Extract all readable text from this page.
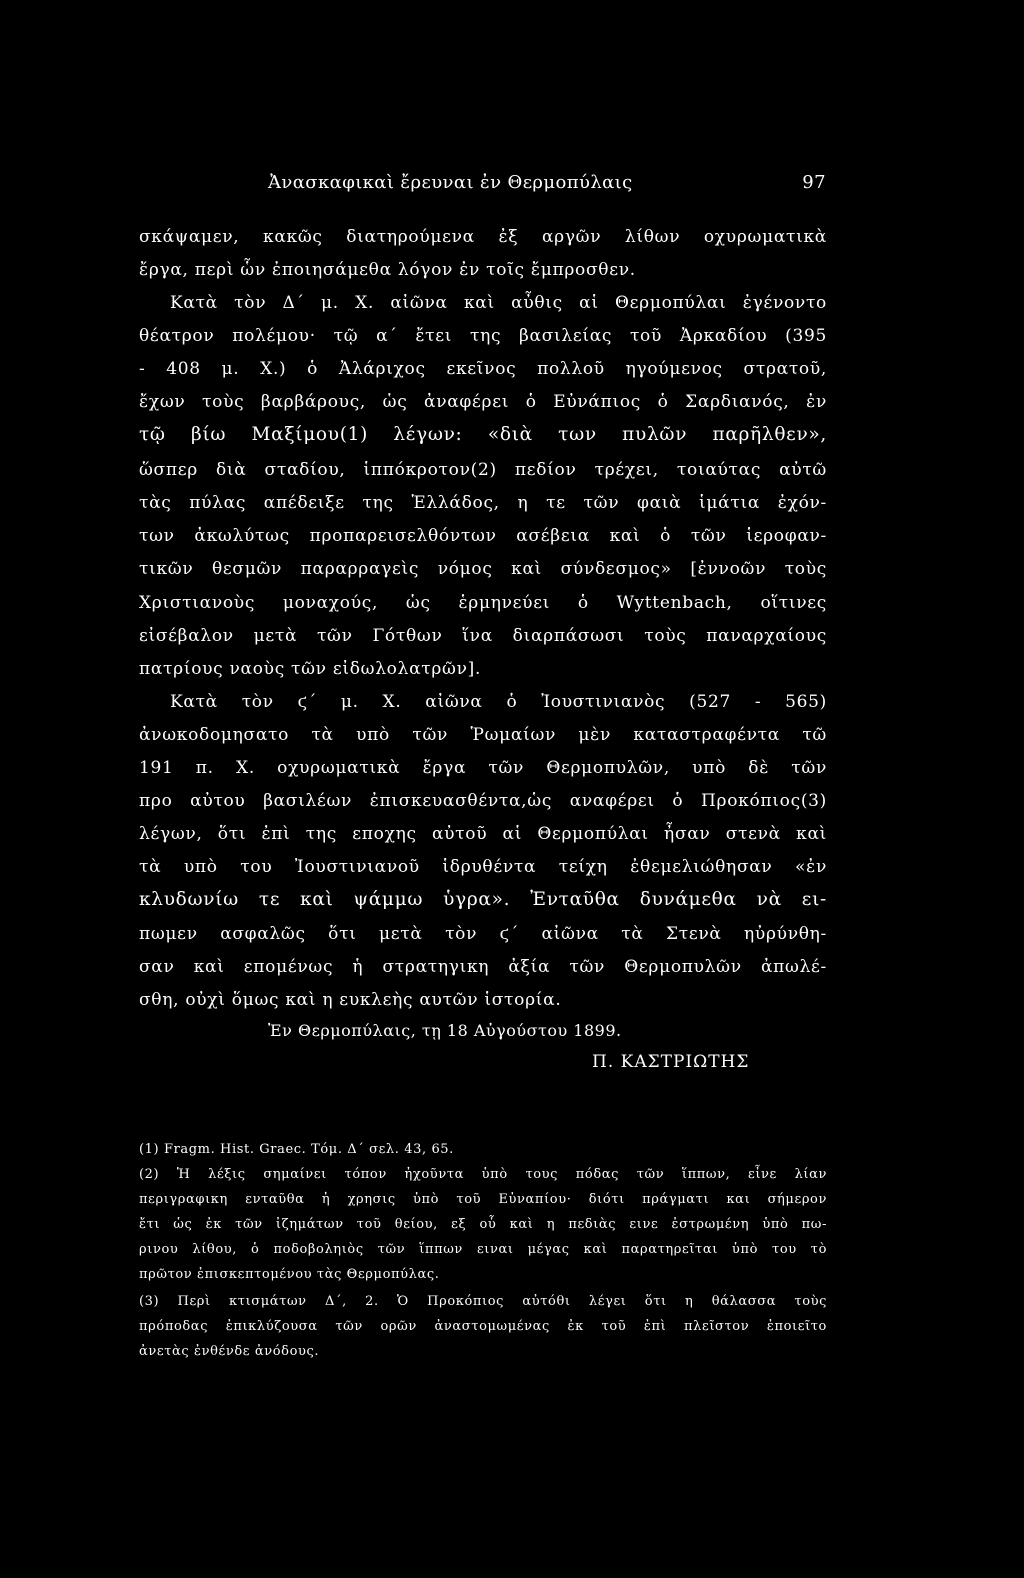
Ἀνασκαφικαὶ ἔρευναι ἐν Θερμοπύλαις	97
σκάψαμεν, κακῶς διατηρούμενα ἐξ αργῶν λίθων οχυρωματικὰ
ἔργα, περὶ ὧν ἐποιησάμεθα λόγον ἐν τοῖς ἔμπροσθεν.
Κατὰ τὸν Δ΄ μ. Χ. αἰῶνα καὶ αὖθις αἱ Θερμοπύλαι ἐγένοντο
θέατρον πολέμου· τῷ α΄ ἔτει της βασιλείας τοῦ Ἀρκαδίου (395
- 408 μ. Χ.) ὁ Ἀλάριχος εκεῖνος πολλοῦ ηγούμενος στρατοῦ,
ἔχων τοὺς βαρβάρους, ὡς ἀναφέρει ὁ Εὐνάπιος ὁ Σαρδιανός, ἐν
τῷ βίω Μαξίμου(1) λέγων: «διὰ των πυλῶν παρῆλθεν»,
ὥσπερ διὰ σταδίου, ἱππόκροτον(2) πεδίον τρέχει, τοιαύτας αὐτῶ
τὰς πύλας απέδειξε της Ἑλλάδος, η τε τῶν φαιὰ ἱμάτια ἐχόν-
των ἀκωλύτως προπαρεισελθόντων ασέβεια καὶ ὁ τῶν ἱεροφαν-
τικῶν θεσμῶν παραρραγεὶς νόμος καὶ σύνδεσμος» [ἐννοῶν τοὺς
Χριστιανοὺς μοναχούς, ὡς ἑρμηνεύει ὁ Wyttenbach, οἵτινες
εἰσέβαλον μετὰ τῶν Γότθων ἵνα διαρπάσωσι τοὺς παναρχαίους
πατρίους ναοὺς τῶν εἰδωλολατρῶν].
Κατὰ τὸν ϛ΄ μ. Χ. αἰῶνα ὁ Ἰουστινιανὸς (527 - 565)
ἀνωκοδομησατο τὰ υπὸ τῶν Ῥωμαίων μὲν καταστραφέντα τῶ
191 π. Χ. οχυρωματικὰ ἔργα τῶν Θερμοπυλῶν, υπὸ δὲ τῶν
προ αὐτου βασιλέων ἐπισκευασθέντα,ὡς αναφέρει ὁ Προκόπιος(3)
λέγων, ὅτι ἐπὶ της εποχης αὐτοῦ αἱ Θερμοπύλαι ἦσαν στενὰ καὶ
τὰ υπὸ του Ἰουστινιανοῦ ἱδρυθέντα τείχη ἐθεμελιώθησαν «ἐν
κλυδωνίω τε καὶ ψάμμω ὑγρα». Ἐνταῦθα δυνάμεθα νὰ ει-
πωμεν ασφαλῶς ὅτι μετὰ τὸν ϛ΄ αἰῶνα τὰ Στενὰ ηὐρύνθη-
σαν καὶ επομένως ἡ στρατηγικη ἀξία τῶν Θερμοπυλῶν ἀπωλέ-
σθη, οὐχὶ ὅμως καὶ η ευκλεὴς αυτῶν ἱστορία.
Ἐν Θερμοπύλαις, τῃ 18 Αὐγούστου 1899.
Π. ΚΑΣΤΡΙΩΤΗΣ
(1) Fragm. Hist. Graec. Τόμ. Δ΄ σελ. 43, 65.
(2) Ἡ λέξις σημαίνει τόπον ἠχοῦντα ὑπὸ τους πόδας τῶν ἵππων, εἶνε λίαν
περιγραφικη ενταῦθα ἡ χρησις ὑπὸ τοῦ Εὐναπίου· διότι πράγματι και σήμερον
ἔτι ὡς ἐκ τῶν ἰζημάτων τοῦ θείου, εξ οὗ καὶ η πεδιὰς εινε ἐστρωμένη ὑπὸ πω-
ρινου λίθου, ὁ ποδοβοληιὸς τῶν ἵππων ειναι μέγας καὶ παρατηρεῖται ὑπὸ του τὸ
πρῶτον ἐπισκεπτομένου τὰς Θερμοπύλας.
(3) Περὶ κτισμάτων Δ΄, 2. Ὁ Προκόπιος αὐτόθι λέγει ὅτι η θάλασσα τοὺς
πρόποδας ἐπικλύζουσα τῶν ορῶν ἀναστομωμένας ἐκ τοῦ ἐπὶ πλεῖστον ἐποιεῖτο
ἀνετὰς ἐνθένδε ἀνόδους.
